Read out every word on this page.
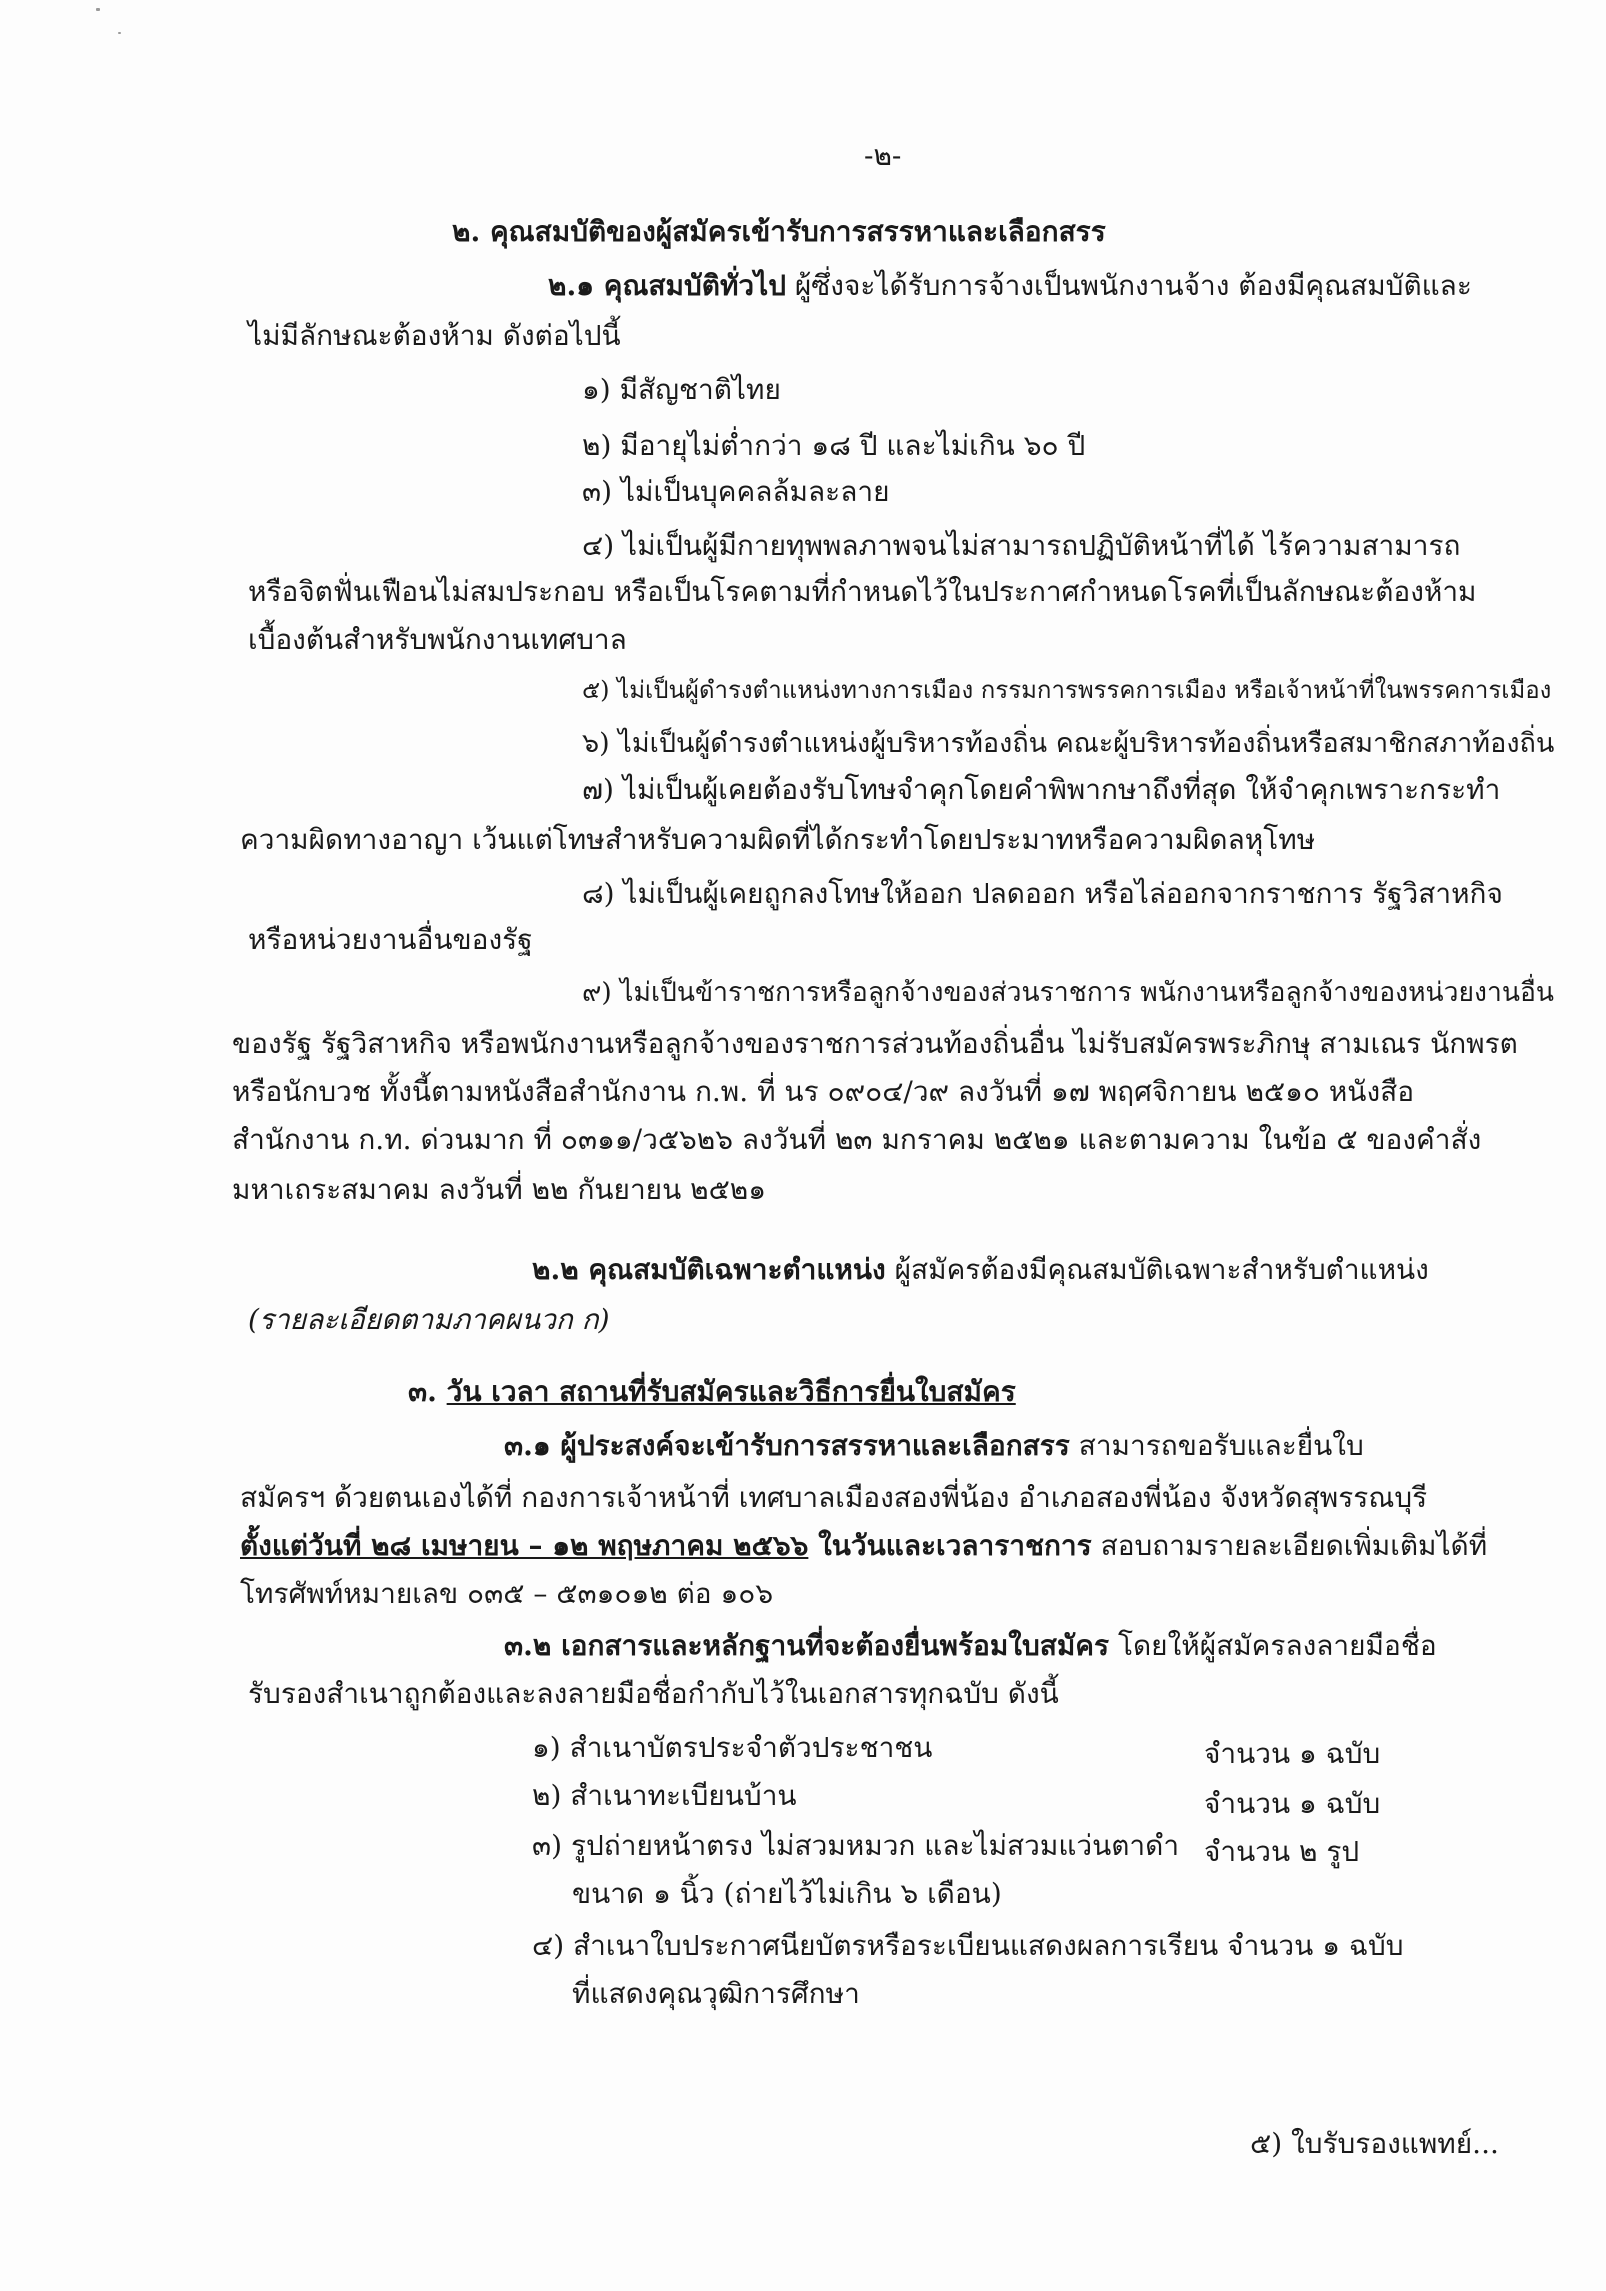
-๒-
๒. คุณสมบัติของผู้สมัครเข้ารับการสรรหาและเลือกสรร
๒.๑ คุณสมบัติทั่วไป ผู้ซึ่งจะได้รับการจ้างเป็นพนักงานจ้าง ต้องมีคุณสมบัติและ
ไม่มีลักษณะต้องห้าม ดังต่อไปนี้
๑) มีสัญชาติไทย
๒) มีอายุไม่ต่ำกว่า ๑๘ ปี และไม่เกิน ๖๐ ปี
๓) ไม่เป็นบุคคลล้มละลาย
๔) ไม่เป็นผู้มีกายทุพพลภาพจนไม่สามารถปฏิบัติหน้าที่ได้ ไร้ความสามารถ
หรือจิตฟั่นเฟือนไม่สมประกอบ หรือเป็นโรคตามที่กำหนดไว้ในประกาศกำหนดโรคที่เป็นลักษณะต้องห้าม
เบื้องต้นสำหรับพนักงานเทศบาล
๕) ไม่เป็นผู้ดำรงตำแหน่งทางการเมือง กรรมการพรรคการเมือง หรือเจ้าหน้าที่ในพรรคการเมือง
๖) ไม่เป็นผู้ดำรงตำแหน่งผู้บริหารท้องถิ่น คณะผู้บริหารท้องถิ่นหรือสมาชิกสภาท้องถิ่น
๗) ไม่เป็นผู้เคยต้องรับโทษจำคุกโดยคำพิพากษาถึงที่สุด ให้จำคุกเพราะกระทำ
ความผิดทางอาญา เว้นแต่โทษสำหรับความผิดที่ได้กระทำโดยประมาทหรือความผิดลหุโทษ
๘) ไม่เป็นผู้เคยถูกลงโทษให้ออก ปลดออก หรือไล่ออกจากราชการ รัฐวิสาหกิจ
หรือหน่วยงานอื่นของรัฐ
๙) ไม่เป็นข้าราชการหรือลูกจ้างของส่วนราชการ พนักงานหรือลูกจ้างของหน่วยงานอื่น
ของรัฐ รัฐวิสาหกิจ หรือพนักงานหรือลูกจ้างของราชการส่วนท้องถิ่นอื่น ไม่รับสมัครพระภิกษุ สามเณร นักพรต
หรือนักบวช ทั้งนี้ตามหนังสือสำนักงาน ก.พ. ที่ นร ๐๙๐๔/ว๙ ลงวันที่ ๑๗ พฤศจิกายน ๒๕๑๐ หนังสือ
สำนักงาน ก.ท. ด่วนมาก ที่ ๐๓๑๑/ว๕๖๒๖ ลงวันที่ ๒๓ มกราคม ๒๕๒๑ และตามความ ในข้อ ๕ ของคำสั่ง
มหาเถระสมาคม ลงวันที่ ๒๒ กันยายน ๒๕๒๑
๒.๒ คุณสมบัติเฉพาะตำแหน่ง ผู้สมัครต้องมีคุณสมบัติเฉพาะสำหรับตำแหน่ง
(รายละเอียดตามภาคผนวก ก)
๓. วัน เวลา สถานที่รับสมัครและวิธีการยื่นใบสมัคร
๓.๑ ผู้ประสงค์จะเข้ารับการสรรหาและเลือกสรร สามารถขอรับและยื่นใบ
สมัครฯ ด้วยตนเองได้ที่ กองการเจ้าหน้าที่ เทศบาลเมืองสองพี่น้อง อำเภอสองพี่น้อง จังหวัดสุพรรณบุรี
ตั้งแต่วันที่ ๒๘ เมษายน – ๑๒ พฤษภาคม ๒๕๖๖ ในวันและเวลาราชการ สอบถามรายละเอียดเพิ่มเติมได้ที่
โทรศัพท์หมายเลข ๐๓๕ – ๕๓๑๐๑๒ ต่อ ๑๐๖
๓.๒ เอกสารและหลักฐานที่จะต้องยื่นพร้อมใบสมัคร โดยให้ผู้สมัครลงลายมือชื่อ
รับรองสำเนาถูกต้องและลงลายมือชื่อกำกับไว้ในเอกสารทุกฉบับ ดังนี้
๑) สำเนาบัตรประจำตัวประชาชน	จำนวน ๑ ฉบับ
๒) สำเนาทะเบียนบ้าน	จำนวน ๑ ฉบับ
๓) รูปถ่ายหน้าตรง ไม่สวมหมวก และไม่สวมแว่นตาดำ จำนวน ๒ รูป
ขนาด ๑ นิ้ว (ถ่ายไว้ไม่เกิน ๖ เดือน)
๔) สำเนาใบประกาศนียบัตรหรือระเบียนแสดงผลการเรียน จำนวน ๑ ฉบับ
ที่แสดงคุณวุฒิการศึกษา
๕) ใบรับรองแพทย์...
